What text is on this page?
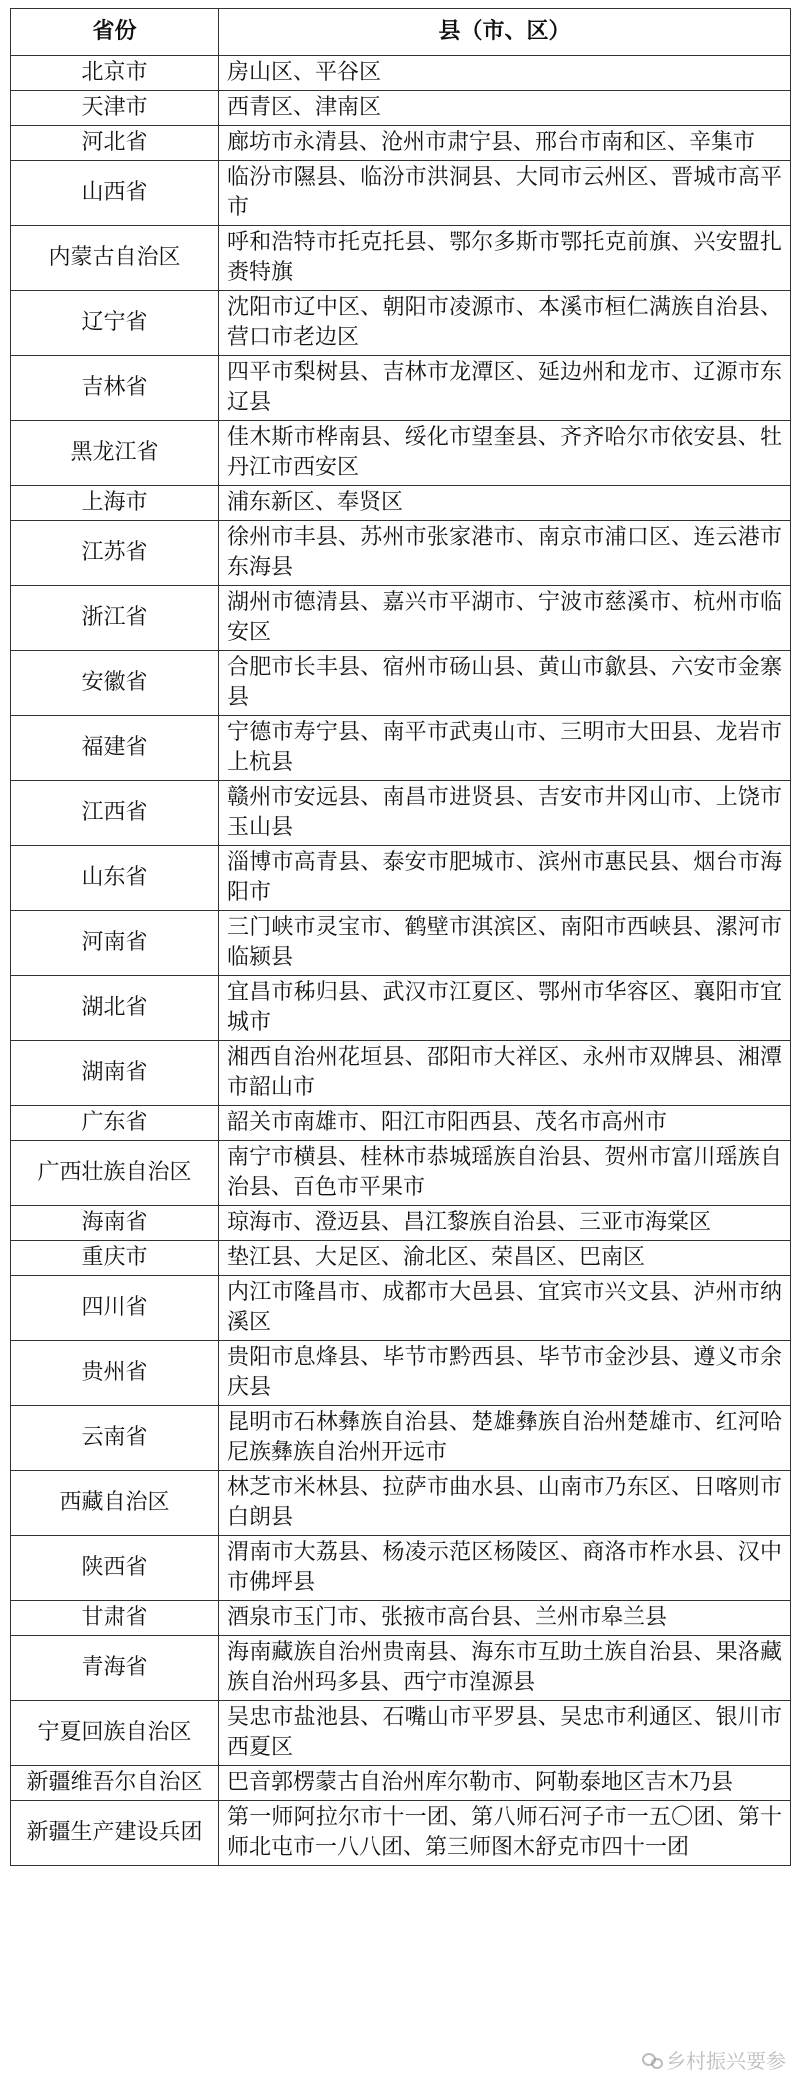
省份	县（市、区）
北京市	房山区、平谷区
天津市	西青区、津南区
河北省	廊坊市永清县、沧州市肃宁县、邢台市南和区、辛集市
山西省	临汾市隰县、临汾市洪洞县、大同市云州区、晋城市高平市
内蒙古自治区	呼和浩特市托克托县、鄂尔多斯市鄂托克前旗、兴安盟扎赉特旗
辽宁省	沈阳市辽中区、朝阳市凌源市、本溪市桓仁满族自治县、营口市老边区
吉林省	四平市梨树县、吉林市龙潭区、延边州和龙市、辽源市东辽县
黑龙江省	佳木斯市桦南县、绥化市望奎县、齐齐哈尔市依安县、牡丹江市西安区
上海市	浦东新区、奉贤区
江苏省	徐州市丰县、苏州市张家港市、南京市浦口区、连云港市东海县
浙江省	湖州市德清县、嘉兴市平湖市、宁波市慈溪市、杭州市临安区
安徽省	合肥市长丰县、宿州市砀山县、黄山市歙县、六安市金寨县
福建省	宁德市寿宁县、南平市武夷山市、三明市大田县、龙岩市上杭县
江西省	赣州市安远县、南昌市进贤县、吉安市井冈山市、上饶市玉山县
山东省	淄博市高青县、泰安市肥城市、滨州市惠民县、烟台市海阳市
河南省	三门峡市灵宝市、鹤壁市淇滨区、南阳市西峡县、漯河市临颍县
湖北省	宜昌市秭归县、武汉市江夏区、鄂州市华容区、襄阳市宜城市
湖南省	湘西自治州花垣县、邵阳市大祥区、永州市双牌县、湘潭市韶山市
广东省	韶关市南雄市、阳江市阳西县、茂名市高州市
广西壮族自治区	南宁市横县、桂林市恭城瑶族自治县、贺州市富川瑶族自治县、百色市平果市
海南省	琼海市、澄迈县、昌江黎族自治县、三亚市海棠区
重庆市	垫江县、大足区、渝北区、荣昌区、巴南区
四川省	内江市隆昌市、成都市大邑县、宜宾市兴文县、泸州市纳溪区
贵州省	贵阳市息烽县、毕节市黔西县、毕节市金沙县、遵义市余庆县
云南省	昆明市石林彝族自治县、楚雄彝族自治州楚雄市、红河哈尼族彝族自治州开远市
西藏自治区	林芝市米林县、拉萨市曲水县、山南市乃东区、日喀则市白朗县
陕西省	渭南市大荔县、杨凌示范区杨陵区、商洛市柞水县、汉中市佛坪县
甘肃省	酒泉市玉门市、张掖市高台县、兰州市皋兰县
青海省	海南藏族自治州贵南县、海东市互助土族自治县、果洛藏族自治州玛多县、西宁市湟源县
宁夏回族自治区	吴忠市盐池县、石嘴山市平罗县、吴忠市利通区、银川市西夏区
新疆维吾尔自治区	巴音郭楞蒙古自治州库尔勒市、阿勒泰地区吉木乃县
新疆生产建设兵团	第一师阿拉尔市十一团、第八师石河子市一五〇团、第十师北屯市一八八团、第三师图木舒克市四十一团
乡村振兴要参
